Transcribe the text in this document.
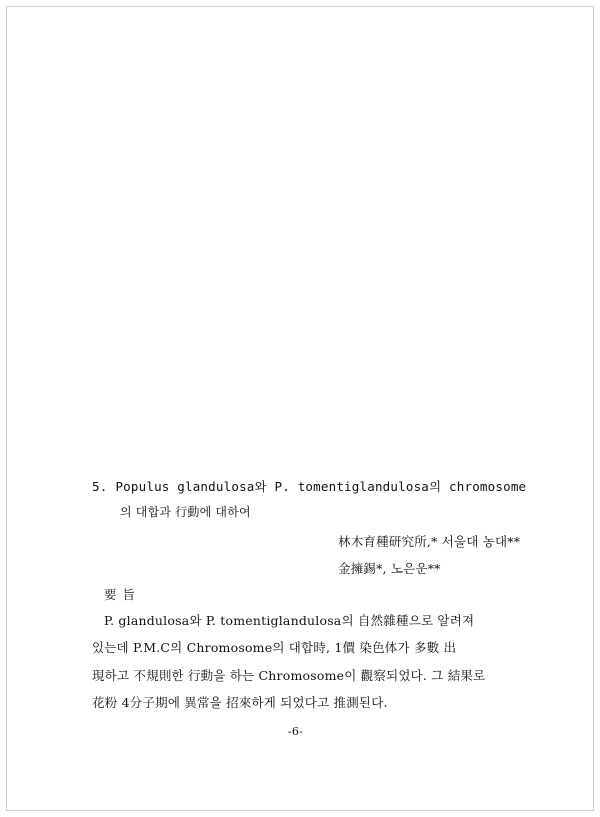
5. Populus glandulosa와 P. tomentiglandulosa의 chromosome
의 대합과 行動에 대하여
林木育種研究所,* 서울대 농대**
金擁錫*, 노은운**
要旨
P. glandulosa와 P. tomentiglandulosa의 自然雜種으로 알려져
있는데 P.M.C의 Chromosome의 대합時, 1價 染色体가 多數 出
現하고 不規則한 行動을 하는 Chromosome이 觀察되었다. 그 結果로
花粉 4分子期에 異常을 招來하게 되었다고 推測된다.
-6-
